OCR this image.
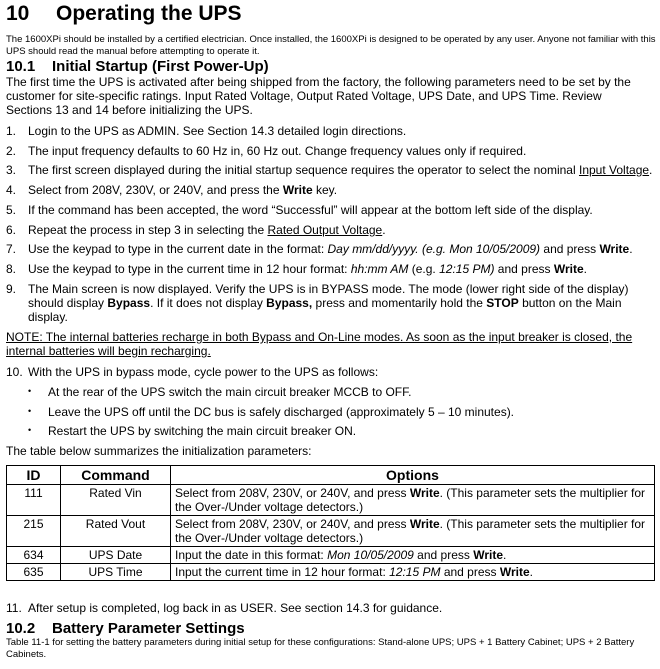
10 Operating the UPS
The 1600XPi should be installed by a certified electrician. Once installed, the 1600XPi is designed to be operated by any user. Anyone not familiar with this UPS should read the manual before attempting to operate it.
10.1 Initial Startup (First Power-Up)
The first time the UPS is activated after being shipped from the factory, the following parameters need to be set by the customer for site-specific ratings. Input Rated Voltage, Output Rated Voltage, UPS Date, and UPS Time. Review Sections 13 and 14 before initializing the UPS.
1. Login to the UPS as ADMIN. See Section 14.3 detailed login directions.
2. The input frequency defaults to 60 Hz in, 60 Hz out. Change frequency values only if required.
3. The first screen displayed during the initial startup sequence requires the operator to select the nominal Input Voltage.
4. Select from 208V, 230V, or 240V, and press the Write key.
5. If the command has been accepted, the word “Successful” will appear at the bottom left side of the display.
6. Repeat the process in step 3 in selecting the Rated Output Voltage.
7. Use the keypad to type in the current date in the format: Day mm/dd/yyyy. (e.g. Mon 10/05/2009) and press Write.
8. Use the keypad to type in the current time in 12 hour format: hh:mm AM (e.g. 12:15 PM) and press Write.
9. The Main screen is now displayed. Verify the UPS is in BYPASS mode. The mode (lower right side of the display) should display Bypass. If it does not display Bypass, press and momentarily hold the STOP button on the Main display.
NOTE: The internal batteries recharge in both Bypass and On-Line modes. As soon as the input breaker is closed, the internal batteries will begin recharging.
10. With the UPS in bypass mode, cycle power to the UPS as follows:
• At the rear of the UPS switch the main circuit breaker MCCB to OFF.
• Leave the UPS off until the DC bus is safely discharged (approximately 5 – 10 minutes).
• Restart the UPS by switching the main circuit breaker ON.
The table below summarizes the initialization parameters:
ID	Command	Options
111	Rated Vin	Select from 208V, 230V, or 240V, and press Write. (This parameter sets the multiplier for the Over-/Under voltage detectors.)
215	Rated Vout	Select from 208V, 230V, or 240V, and press Write. (This parameter sets the multiplier for the Over-/Under voltage detectors.)
634	UPS Date	Input the date in this format: Mon 10/05/2009 and press Write.
635	UPS Time	Input the current time in 12 hour format: 12:15 PM and press Write.
11. After setup is completed, log back in as USER. See section 14.3 for guidance.
10.2 Battery Parameter Settings
Table 11-1 for setting the battery parameters during initial setup for these configurations: Stand-alone UPS; UPS + 1 Battery Cabinet; UPS + 2 Battery Cabinets.
